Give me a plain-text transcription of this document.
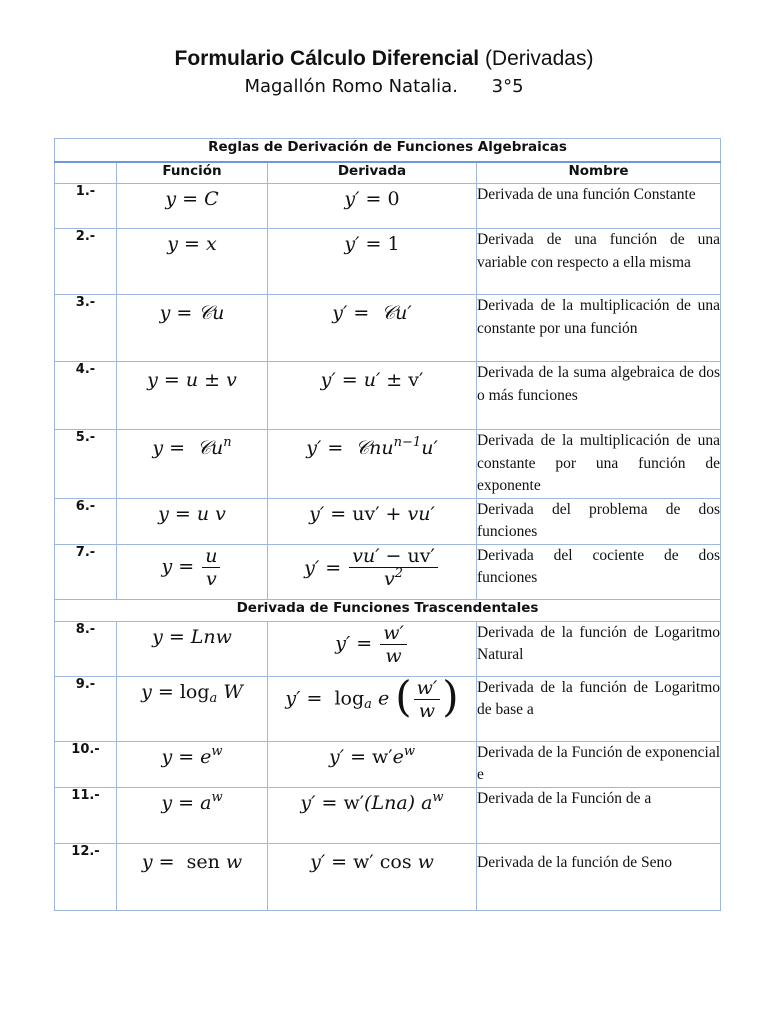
Formulario Cálculo Diferencial (Derivadas)
Magallón Romo Natalia. 3°5
Reglas de Derivación de Funciones Algebraicas			
	Función	Derivada	Nombre
1.-	y = C	y′ = 0	Derivada de una función Constante
2.-	y = x	y′ = 1	Derivada de una función de una variable con respecto a ella misma
3.-	y = 𝒞u	y′ =  𝒞u′	Derivada de la multiplicación de una constante por una función
4.-	y = u ± v	y′ = u′ ± v′	Derivada de la suma algebraica de dos o más funciones
5.-	y =  𝒞u$^n$	y′ =  𝒞nu$^{n-1}$u′	Derivada de la multiplicación de una constante por una función de exponente
6.-	y = u v	y′ = uv′ + vu′	Derivada del problema de dos funciones
7.-	$y = \frac{u}{v}$	$y' = \frac{vu' - uv'}{v^2}$	Derivada del cociente de dos funciones
Derivada de Funciones Trascendentales			
8.-	y = Lnw	$y' = \frac{w'}{w}$	Derivada de la función de Logaritmo Natural
9.-	$y = \log_a W$	$y' = \log_a e$ ( $\frac{w'}{w}$ )	Derivada de la función de Logaritmo de base a
10.-	$y = e^w$	$y' = w'e^w$	Derivada de la Función de exponencial e
11.-	$y = a^w$	y′ = w′(Lna) $a^w$	Derivada de la Función de a
12.-	y =  sen w	y′ = w′ cos w	Derivada de la función de Seno
